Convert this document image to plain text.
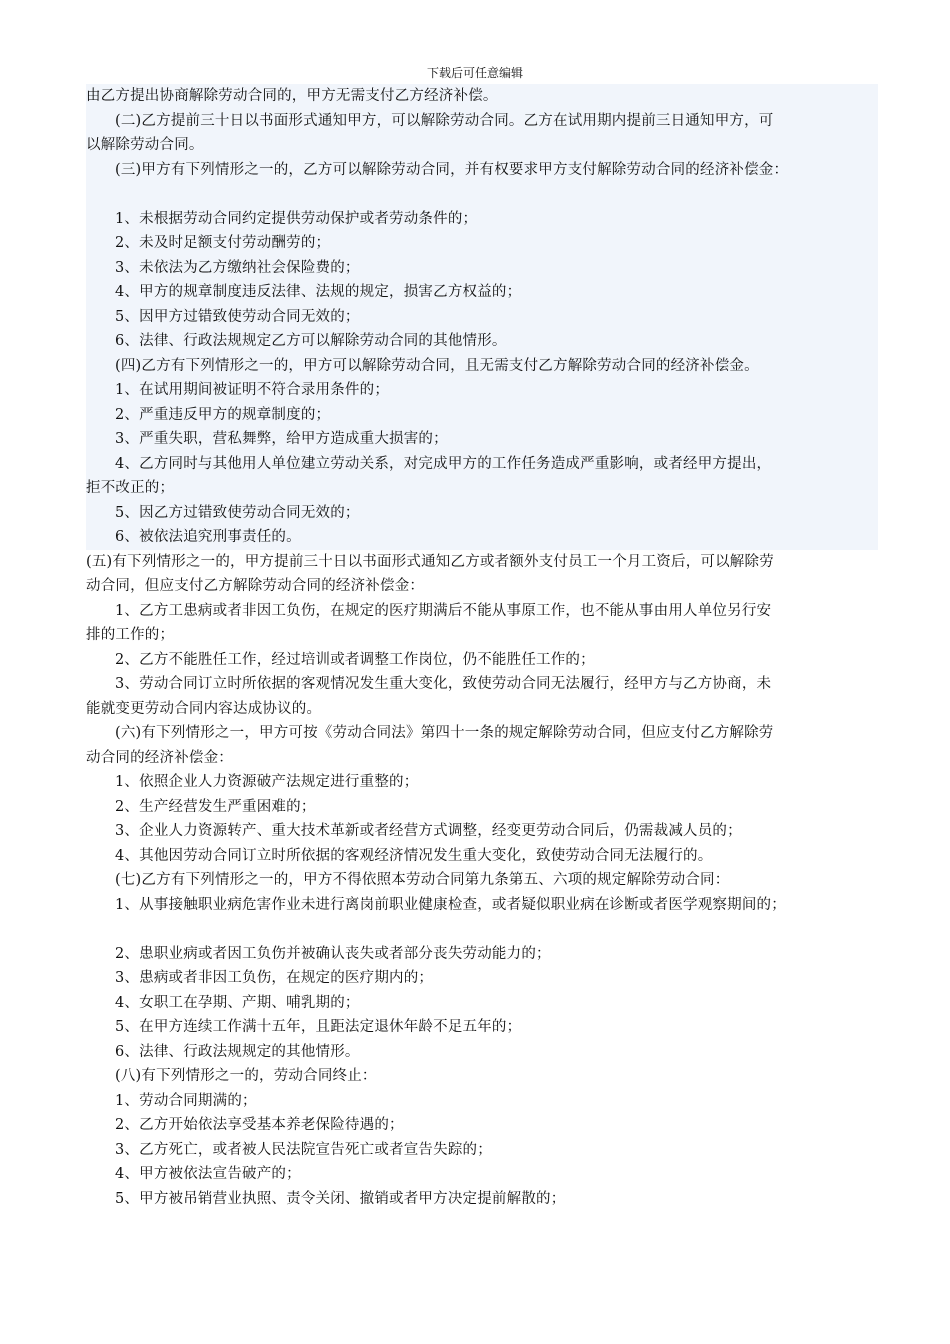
下载后可任意编辑
由乙方提出协商解除劳动合同的，甲方无需支付乙方经济补偿。
(二)乙方提前三十日以书面形式通知甲方，可以解除劳动合同。乙方在试用期内提前三日通知甲方，可
以解除劳动合同。
(三)甲方有下列情形之一的，乙方可以解除劳动合同，并有权要求甲方支付解除劳动合同的经济补偿金：
1、未根据劳动合同约定提供劳动保护或者劳动条件的；
2、未及时足额支付劳动酬劳的；
3、未依法为乙方缴纳社会保险费的；
4、甲方的规章制度违反法律、法规的规定，损害乙方权益的；
5、因甲方过错致使劳动合同无效的；
6、法律、行政法规规定乙方可以解除劳动合同的其他情形。
(四)乙方有下列情形之一的，甲方可以解除劳动合同，且无需支付乙方解除劳动合同的经济补偿金。
1、在试用期间被证明不符合录用条件的；
2、严重违反甲方的规章制度的；
3、严重失职，营私舞弊，给甲方造成重大损害的；
4、乙方同时与其他用人单位建立劳动关系，对完成甲方的工作任务造成严重影响，或者经甲方提出，
拒不改正的；
5、因乙方过错致使劳动合同无效的；
6、被依法追究刑事责任的。
(五)有下列情形之一的，甲方提前三十日以书面形式通知乙方或者额外支付员工一个月工资后，可以解除劳
动合同，但应支付乙方解除劳动合同的经济补偿金：
1、乙方工患病或者非因工负伤，在规定的医疗期满后不能从事原工作，也不能从事由用人单位另行安
排的工作的；
2、乙方不能胜任工作，经过培训或者调整工作岗位，仍不能胜任工作的；
3、劳动合同订立时所依据的客观情况发生重大变化，致使劳动合同无法履行，经甲方与乙方协商，未
能就变更劳动合同内容达成协议的。
(六)有下列情形之一，甲方可按《劳动合同法》第四十一条的规定解除劳动合同，但应支付乙方解除劳
动合同的经济补偿金：
1、依照企业人力资源破产法规定进行重整的；
2、生产经营发生严重困难的；
3、企业人力资源转产、重大技术革新或者经营方式调整，经变更劳动合同后，仍需裁减人员的；
4、其他因劳动合同订立时所依据的客观经济情况发生重大变化，致使劳动合同无法履行的。
(七)乙方有下列情形之一的，甲方不得依照本劳动合同第九条第五、六项的规定解除劳动合同：
1、从事接触职业病危害作业未进行离岗前职业健康检查，或者疑似职业病在诊断或者医学观察期间的；
2、患职业病或者因工负伤并被确认丧失或者部分丧失劳动能力的；
3、患病或者非因工负伤，在规定的医疗期内的；
4、女职工在孕期、产期、哺乳期的；
5、在甲方连续工作满十五年，且距法定退休年龄不足五年的；
6、法律、行政法规规定的其他情形。
(八)有下列情形之一的，劳动合同终止：
1、劳动合同期满的；
2、乙方开始依法享受基本养老保险待遇的；
3、乙方死亡，或者被人民法院宣告死亡或者宣告失踪的；
4、甲方被依法宣告破产的；
5、甲方被吊销营业执照、责令关闭、撤销或者甲方决定提前解散的；
